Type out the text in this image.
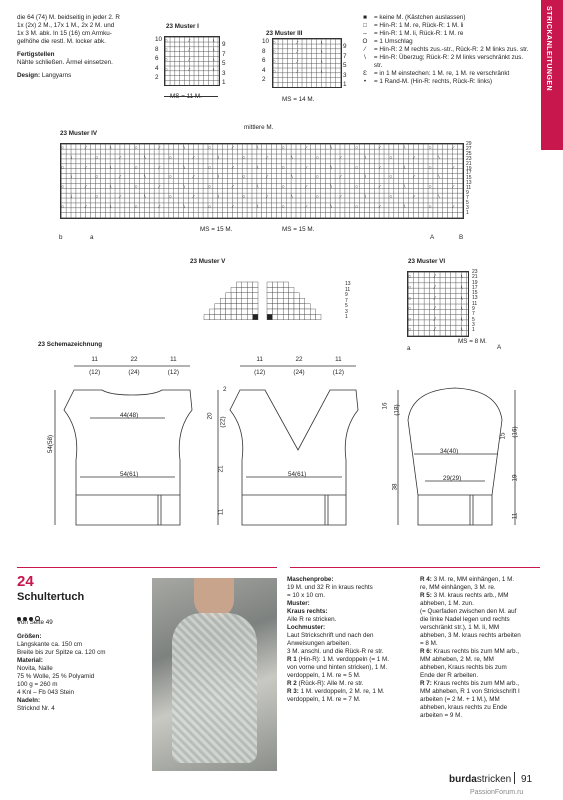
STRICKANLEITUNGEN
die 64 (74) M. beidseitig in jeder 2. R
1x (2x) 2 M., 17x 1 M., 2x 2 M. und
1x 3 M. abk. In 15 (16) cm Armku-
gelhöhe die restl. M. locker abk.
Fertigstellen
Nähte schließen. Ärmel einsetzen.
Design: Langyarns
23 Muster I
○	⁄	\
○	⁄	\
○	⁄	\
○	⁄	\
10
8
6
4
2
9
7
5
3
1
23 Muster III
○	⁄	\
○	⁄	\
○	⁄	\
○	⁄	\
10
8
6
4
2
9
7
5
3
1
MS = 14 M.
■	= keine M. (Kästchen auslassen)
□	= Hin-R: 1 M. re, Rück-R: 1 M. li
–	= Hin-R: 1 M. li, Rück-R: 1 M. re
O	= 1 Umschlag
⁄	= Hin-R: 2 M rechts zus.-str., Rück-R: 2 M links zus. str.
\	= Hin-R: Überzug; Rück-R: 2 M links verschränkt zus. str.
Ɛ	= in 1 M einstechen: 1 M. re, 1 M. re verschränkt
•	= 1 Rand-M. (Hin-R: rechts, Rück-R: links)
23 Muster IV
mittlere M.
○	⁄	\	○	⁄	\	○	⁄	\	○	⁄	\	○	⁄	\	○	⁄
\	○	⁄	\	○	⁄	\	○	⁄	\	○	⁄	\	○	⁄	\
○	⁄	\	○	⁄	\	○	⁄	\	○	⁄	\	○	⁄	\	○	⁄
\	○	⁄	\	○	⁄	\	○	⁄	\	○	⁄	\	○	⁄	\
○	⁄	\	○	⁄	\	○	⁄	\	○	⁄	\	○	⁄	\	○	⁄
\	○	⁄	\	○	⁄	\	○	⁄	\	○	⁄	\	○	⁄	\
○	⁄	\	○	⁄	\	○	⁄	\	○	⁄	\	○	⁄	\	○	⁄
29
27
25
23
21
19
17
15
13
11
9
7
5
3
1
MS = 15 M.	MS = 15 M.
b	a	A	B
23 Muster V
13
11
9
7
5
3
1
23 Muster VI
○	⁄	\
○	⁄	\
○	⁄	\
○	⁄	\
○	⁄	\
○	⁄	\
23
21
19
17
15
13
11
9
7
5
3
1
MS = 8 M.
a	A
23 Schemazeichnung
11	22	11
(12)	(24)	(12)
11	22	11
(12)	(24)	(12)
44(48)
54(61)
54(58)
54(61)
2
20
(22)
21
11
16 (18)
34(40)
29(29)
15 (16)
19
11
38
24
Schultertuch
Von Seite 49
Größen:
Längskante ca. 150 cm
Breite bis zur Spitze ca. 120 cm
Material:
Novita, Nalle
75 % Wolle, 25 % Polyamid
100 g = 260 m
4 Knl – Fb 043 Stein
Nadeln:
Stricknd Nr. 4
Maschenprobe:
19 M. und 32 R in kraus rechts
= 10 x 10 cm.
Muster:
Kraus rechts:
Alle R re stricken.
Lochmuster:
Laut Strickschrift und nach den
Anweisungen arbeiten.
3 M. anschl. und die Rück-R re str.
R 1 (Hin-R): 1 M. verdoppeln (= 1 M.
von vorne und hinten stricken), 1 M.
verdoppeln, 1 M. re = 5 M.
R 2 (Rück-R): Alle M. re str.
R 3: 1 M. verdoppeln, 2 M. re, 1 M.
verdoppeln, 1 M. re = 7 M.
R 4: 3 M. re, MM einhängen, 1 M.
re, MM einhängen, 3 M. re.
R 5: 3 M. kraus rechts arb., MM
abheben, 1 M. zun.
(= Querfaden zwischen den M. auf
die linke Nadel legen und rechts
verschränkt str.), 1 M. li, MM
abheben, 3 M. kraus rechts arbeiten
= 8 M.
R 6: Kraus rechts bis zum MM arb.,
MM abheben, 2 M. re, MM
abheben, Kraus rechts bis zum
Ende der R arbeiten.
R 7: Kraus rechts bis zum MM arb.,
MM abheben, R 1 von Strickschrift I
arbeiten (= 2 M. + 1 M.), MM
abheben, kraus rechts zu Ende
arbeiten = 9 M.
burdastricken 91
PassionForum.ru
